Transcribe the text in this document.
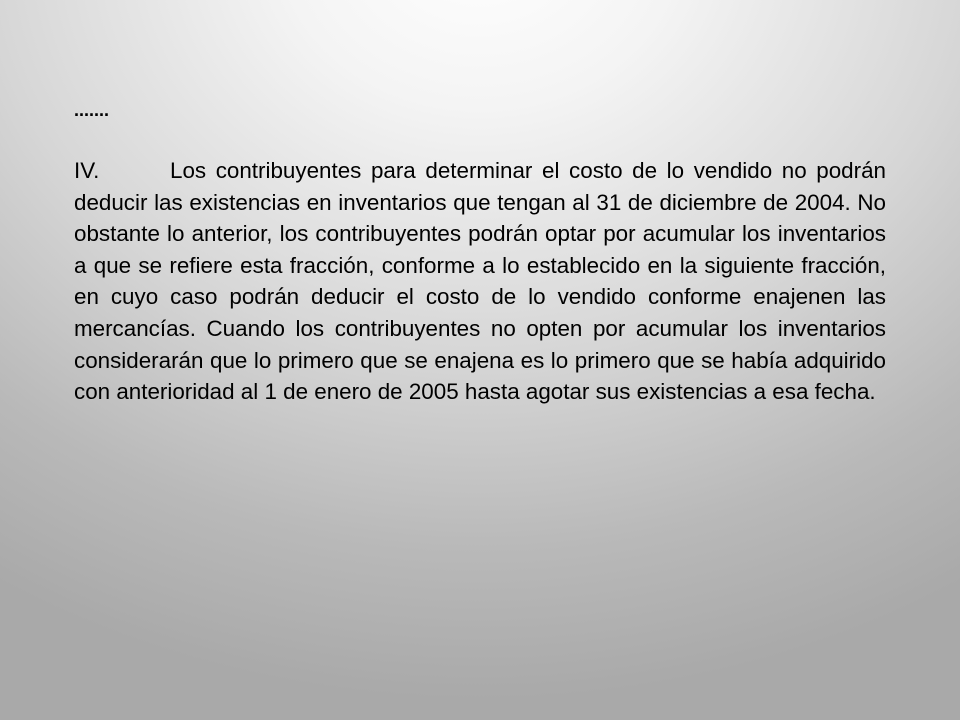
.......

IV.	Los contribuyentes para determinar el costo de lo vendido no podrán deducir las existencias en inventarios que tengan al 31 de diciembre de 2004. No obstante lo anterior, los contribuyentes podrán optar por acumular los inventarios a que se refiere esta fracción, conforme a lo establecido en la siguiente fracción, en cuyo caso podrán deducir el costo de lo vendido conforme enajenen las mercancías. Cuando los contribuyentes no opten por acumular los inventarios considerarán que lo primero que se enajena es lo primero que se había adquirido con anterioridad al 1 de enero de 2005 hasta agotar sus existencias a esa fecha.
